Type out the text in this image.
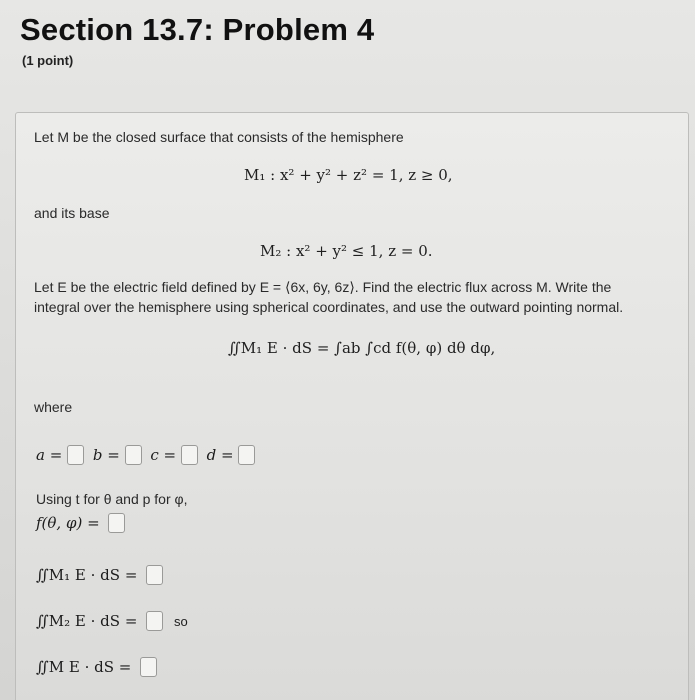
Section 13.7: Problem 4
(1 point)
Let M be the closed surface that consists of the hemisphere
M₁ : x² + y² + z² = 1, z ≥ 0,
and its base
M₂ : x² + y² ≤ 1, z = 0.
Let E be the electric field defined by E = ⟨6x, 6y, 6z⟩. Find the electric flux across M. Write the
integral over the hemisphere using spherical coordinates, and use the outward pointing normal.
∬M₁ E · dS = ∫ab ∫cd f(θ, φ) dθ dφ,
where
a = b = c = d =
Using t for θ and p for φ,
f(θ, φ) =
∬M₁ E · dS =
∬M₂ E · dS =	so
∬M E · dS =
